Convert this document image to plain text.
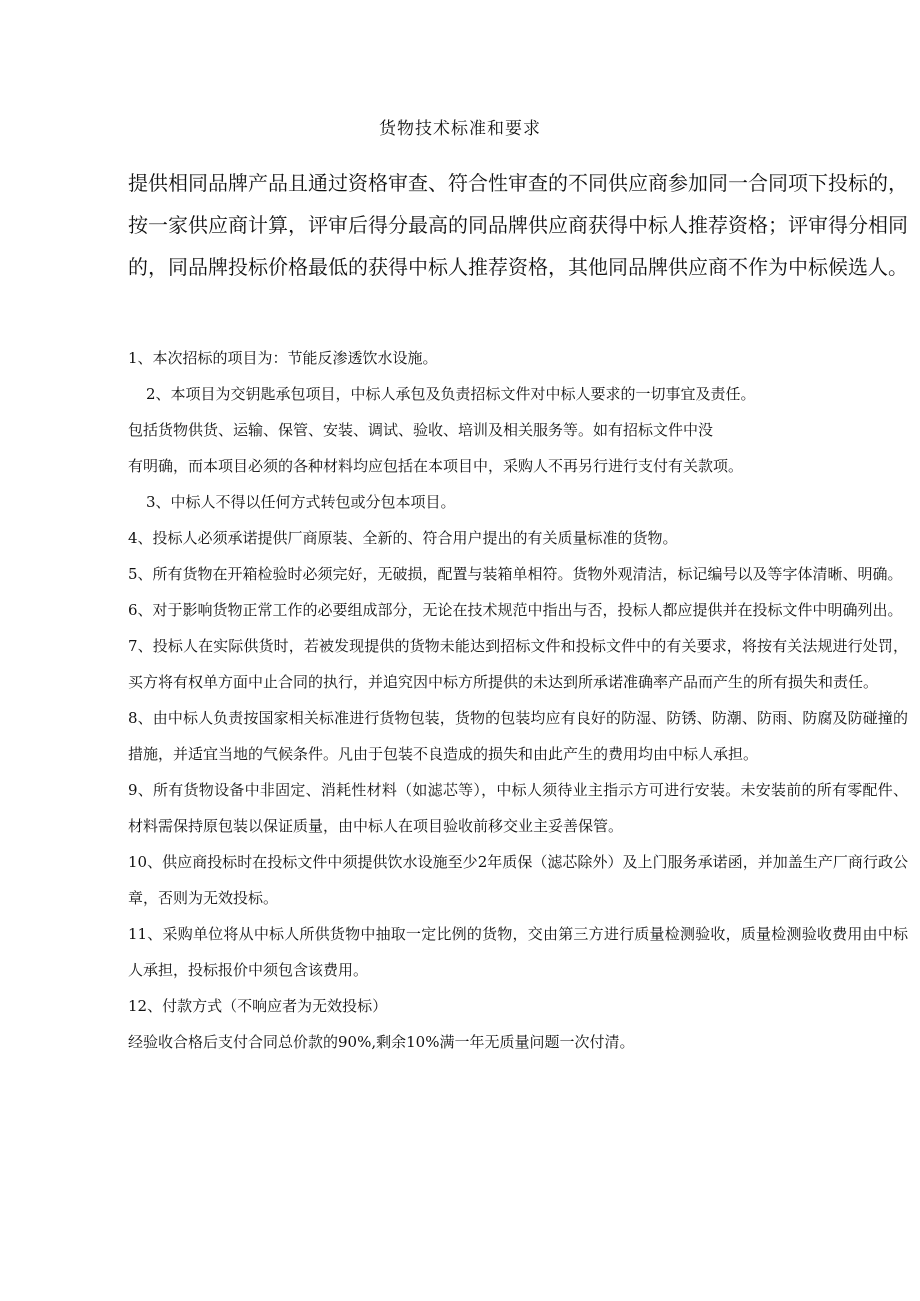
货物技术标准和要求
提供相同品牌产品且通过资格审查、符合性审查的不同供应商参加同一合同项下投标的，
按一家供应商计算，评审后得分最高的同品牌供应商获得中标人推荐资格；评审得分相同
的，同品牌投标价格最低的获得中标人推荐资格，其他同品牌供应商不作为中标候选人。

1、本次招标的项目为：节能反渗透饮水设施。

2、本项目为交钥匙承包项目，中标人承包及负责招标文件对中标人要求的一切事宜及责任。

包括货物供货、运输、保管、安装、调试、验收、培训及相关服务等。如有招标文件中没

有明确，而本项目必须的各种材料均应包括在本项目中，采购人不再另行进行支付有关款项。

3、中标人不得以任何方式转包或分包本项目。

4、投标人必须承诺提供厂商原装、全新的、符合用户提出的有关质量标准的货物。

5、所有货物在开箱检验时必须完好，无破损，配置与装箱单相符。货物外观清洁，标记编号以及等字体清晰、明确。

6、对于影响货物正常工作的必要组成部分，无论在技术规范中指出与否，投标人都应提供并在投标文件中明确列出。

7、投标人在实际供货时，若被发现提供的货物未能达到招标文件和投标文件中的有关要求，将按有关法规进行处罚，买方将有权单方面中止合同的执行，并追究因中标方所提供的未达到所承诺准确率产品而产生的所有损失和责任。

8、由中标人负责按国家相关标准进行货物包装，货物的包装均应有良好的防湿、防锈、防潮、防雨、防腐及防碰撞的措施，并适宜当地的气候条件。凡由于包装不良造成的损失和由此产生的费用均由中标人承担。

9、所有货物设备中非固定、消耗性材料（如滤芯等），中标人须待业主指示方可进行安装。未安装前的所有零配件、材料需保持原包装以保证质量，由中标人在项目验收前移交业主妥善保管。

10、供应商投标时在投标文件中须提供饮水设施至少2年质保（滤芯除外）及上门服务承诺函，并加盖生产厂商行政公章，否则为无效投标。

11、采购单位将从中标人所供货物中抽取一定比例的货物，交由第三方进行质量检测验收，质量检测验收费用由中标人承担，投标报价中须包含该费用。

12、付款方式（不响应者为无效投标）

经验收合格后支付合同总价款的90%,剩余10%满一年无质量问题一次付清。
